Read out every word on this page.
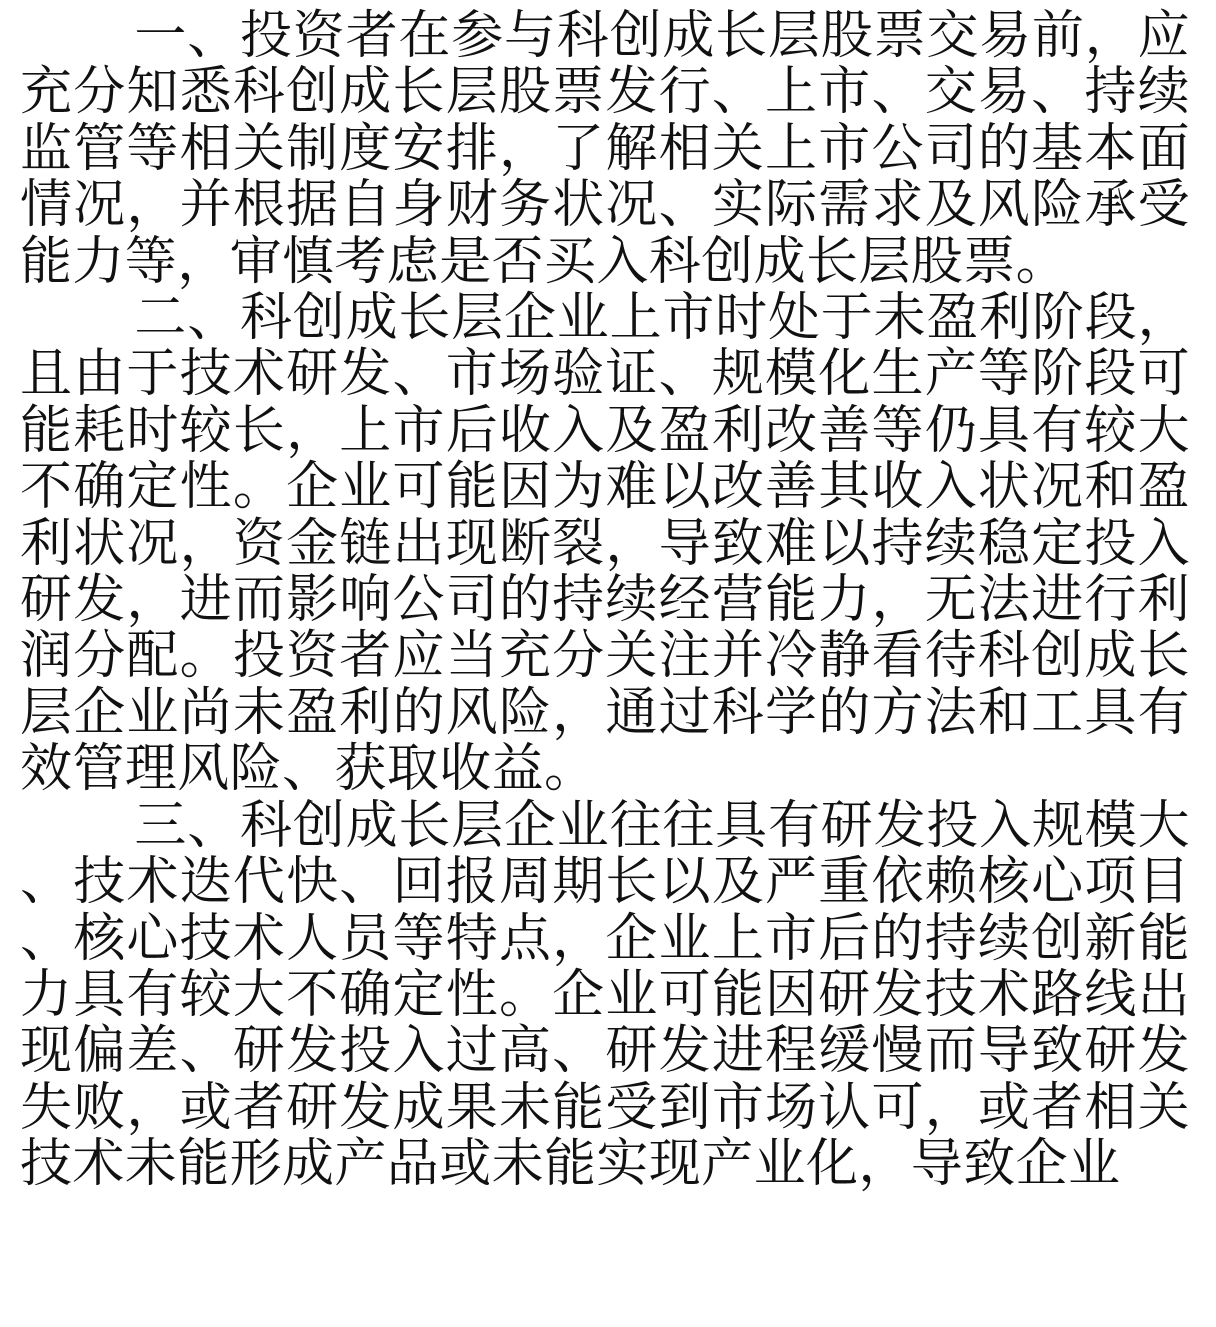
一、投资者在参与科创成长层股票交易前，应充分知悉科创成长层股票发行、上市、交易、持续监管等相关制度安排，了解相关上市公司的基本面情况，并根据自身财务状况、实际需求及风险承受能力等，审慎考虑是否买入科创成长层股票。

二、科创成长层企业上市时处于未盈利阶段，且由于技术研发、市场验证、规模化生产等阶段可能耗时较长，上市后收入及盈利改善等仍具有较大不确定性。企业可能因为难以改善其收入状况和盈利状况，资金链出现断裂，导致难以持续稳定投入研发，进而影响公司的持续经营能力，无法进行利润分配。投资者应当充分关注并冷静看待科创成长层企业尚未盈利的风险，通过科学的方法和工具有效管理风险、获取收益。

三、科创成长层企业往往具有研发投入规模大、技术迭代快、回报周期长以及严重依赖核心项目、核心技术人员等特点，企业上市后的持续创新能力具有较大不确定性。企业可能因研发技术路线出现偏差、研发投入过高、研发进程缓慢而导致研发失败，或者研发成果未能受到市场认可，或者相关技术未能形成产品或未能实现产业化，导致企业
